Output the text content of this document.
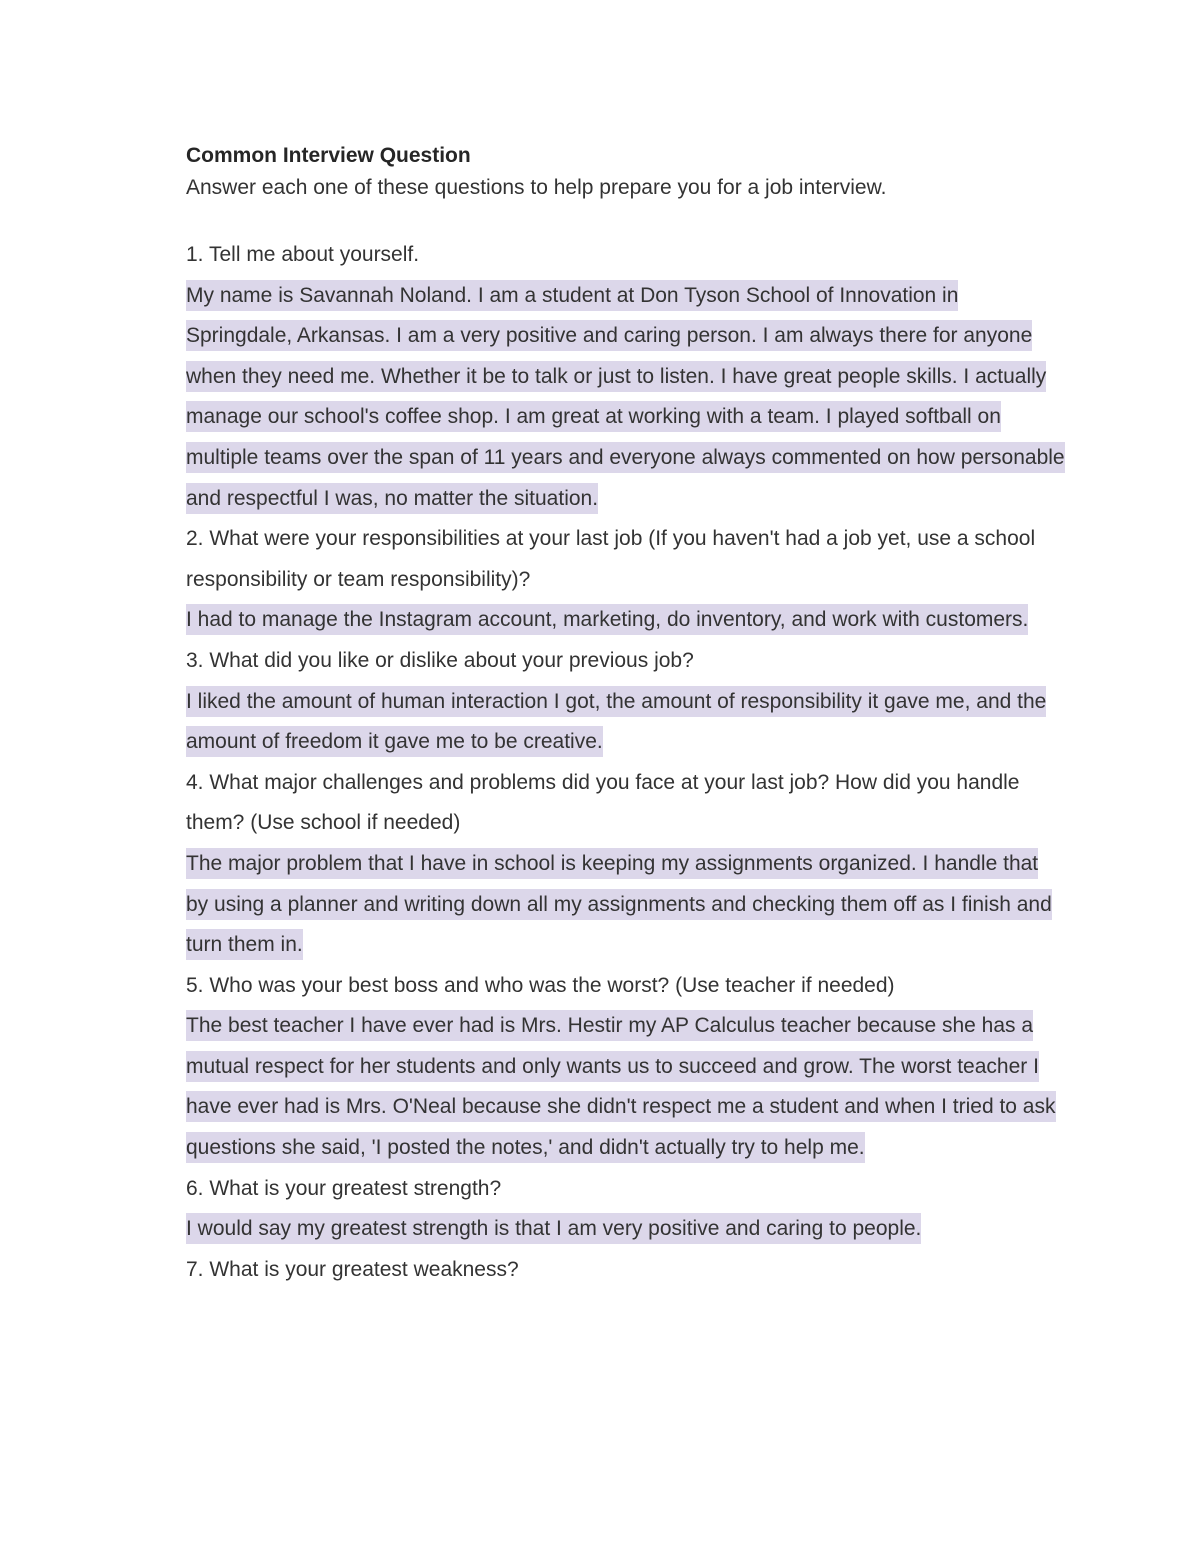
Common Interview Question

Answer each one of these questions to help prepare you for a job interview.

1. Tell me about yourself.

My name is Savannah Noland. I am a student at Don Tyson School of Innovation in Springdale, Arkansas. I am a very positive and caring person. I am always there for anyone when they need me. Whether it be to talk or just to listen. I have great people skills. I actually manage our school's coffee shop. I am great at working with a team. I played softball on multiple teams over the span of 11 years and everyone always commented on how personable and respectful I was, no matter the situation.

2. What were your responsibilities at your last job (If you haven't had a job yet, use a school responsibility or team responsibility)?

I had to manage the Instagram account, marketing, do inventory, and work with customers.

3. What did you like or dislike about your previous job?

I liked the amount of human interaction I got, the amount of responsibility it gave me, and the amount of freedom it gave me to be creative.

4. What major challenges and problems did you face at your last job? How did you handle them? (Use school if needed)

The major problem that I have in school is keeping my assignments organized. I handle that by using a planner and writing down all my assignments and checking them off as I finish and turn them in.

5. Who was your best boss and who was the worst? (Use teacher if needed)

The best teacher I have ever had is Mrs. Hestir my AP Calculus teacher because she has a mutual respect for her students and only wants us to succeed and grow. The worst teacher I have ever had is Mrs. O'Neal because she didn't respect me a student and when I tried to ask questions she said, 'I posted the notes,' and didn't actually try to help me.

6. What is your greatest strength?

I would say my greatest strength is that I am very positive and caring to people.

7. What is your greatest weakness?
